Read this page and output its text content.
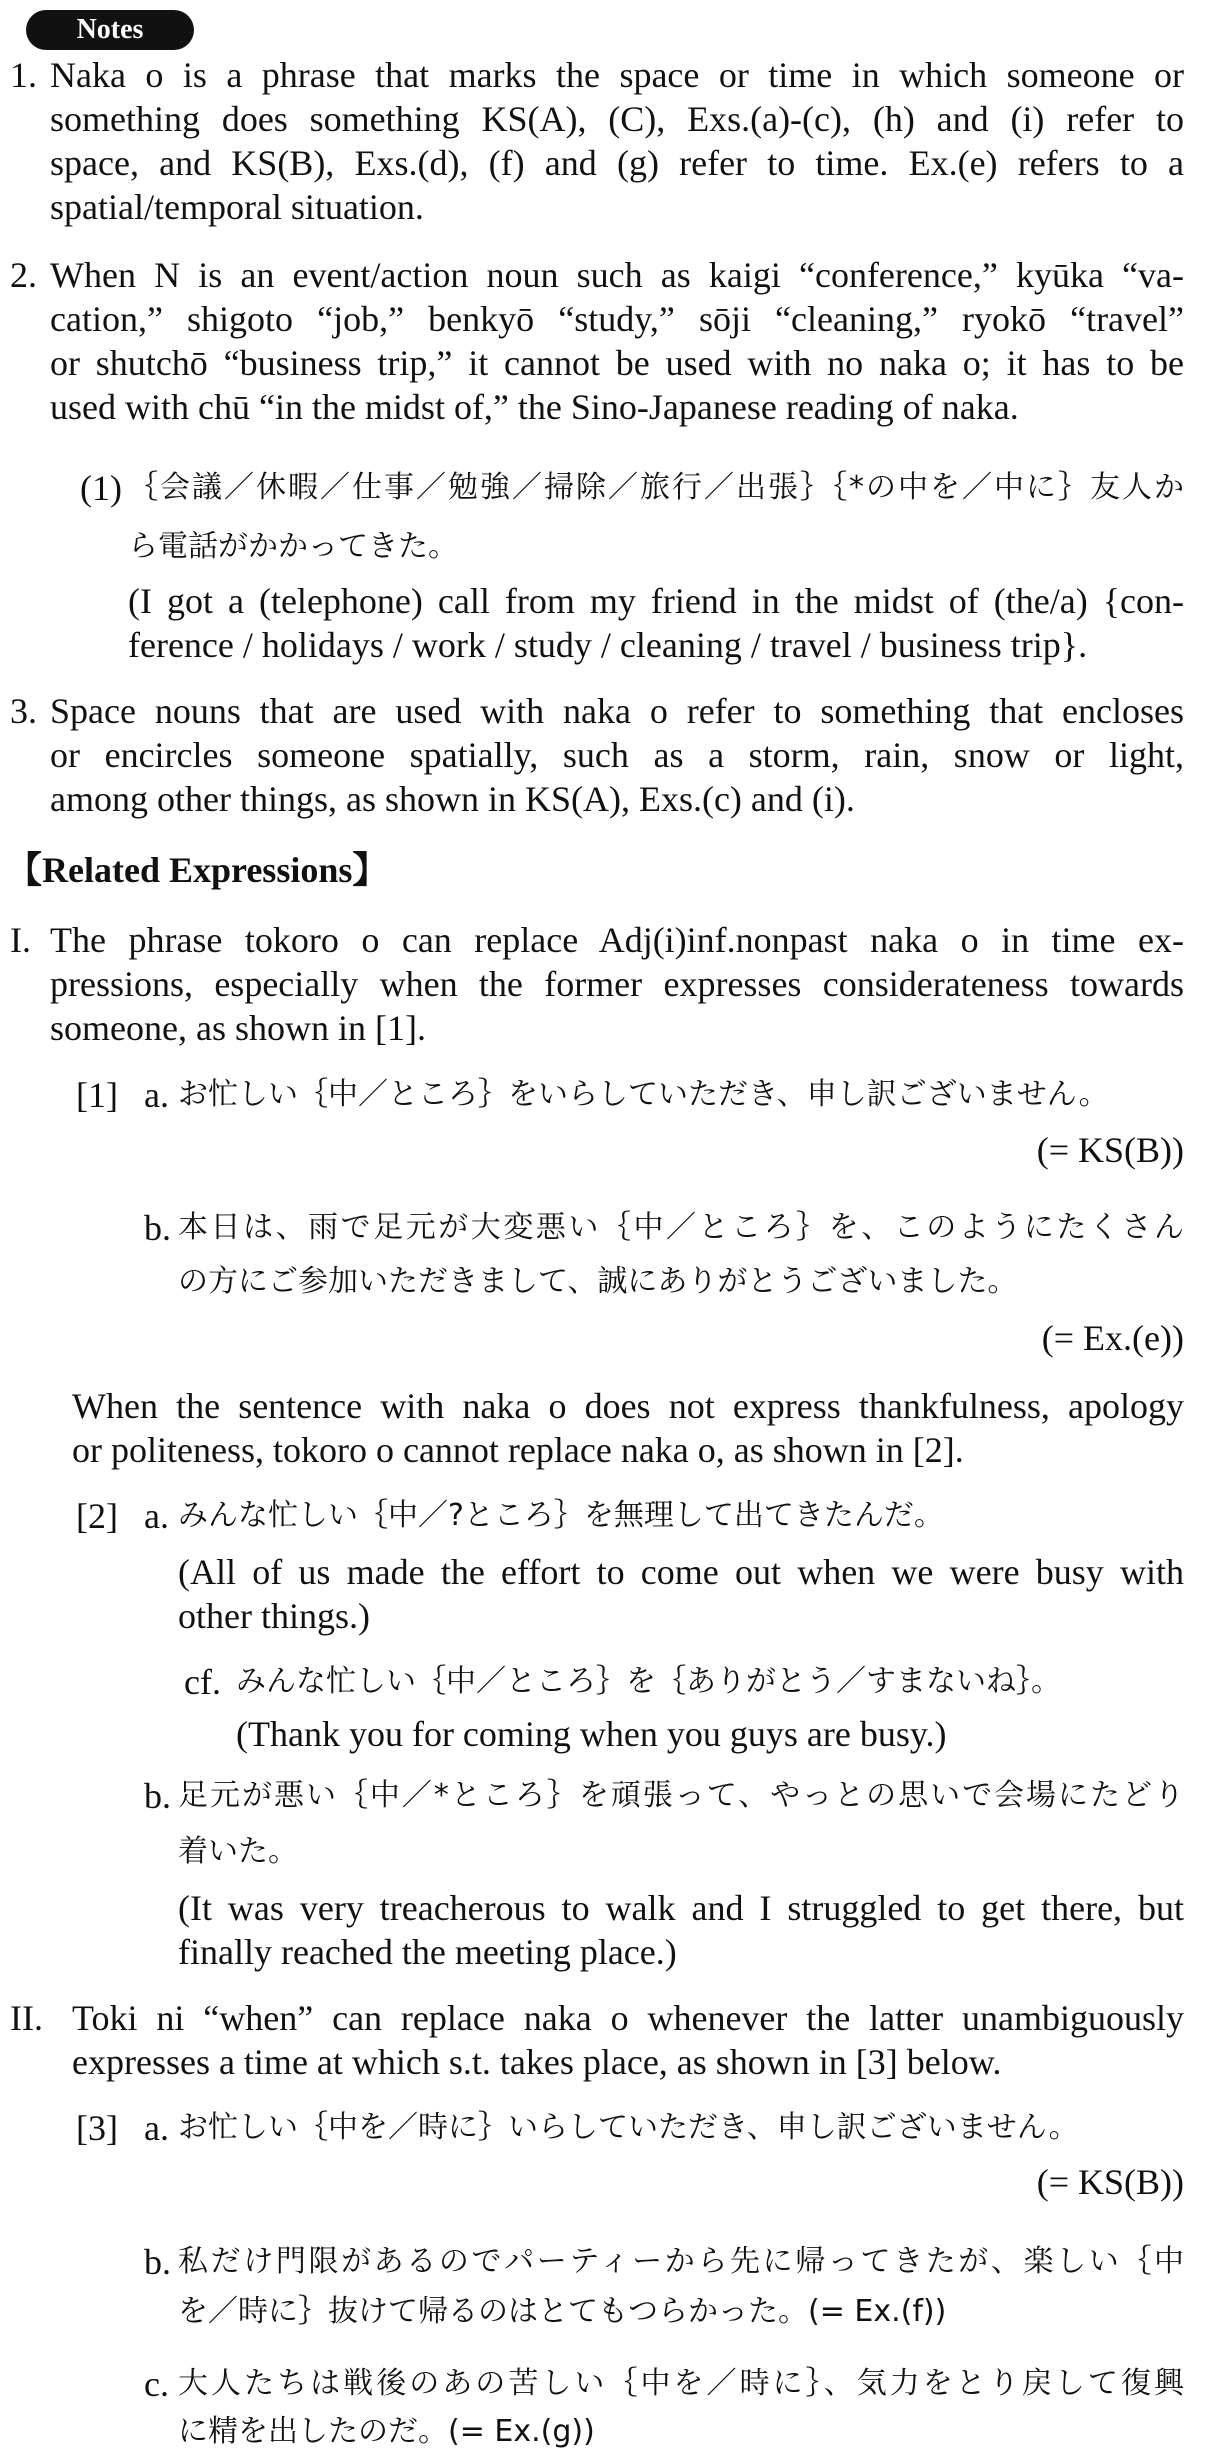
Notes
1. Naka o is a phrase that marks the space or time in which someone or
something does something KS(A), (C), Exs.(a)-(c), (h) and (i) refer to
space, and KS(B), Exs.(d), (f) and (g) refer to time. Ex.(e) refers to a
spatial/temporal situation.
2. When N is an event/action noun such as kaigi “conference,” kyūka “va-
cation,” shigoto “job,” benkyō “study,” sōji “cleaning,” ryokō “travel”
or shutchō “business trip,” it cannot be used with no naka o; it has to be
used with chū “in the midst of,” the Sino-Japanese reading of naka.
(1) ｛会議／休暇／仕事／勉強／掃除／旅行／出張｝｛*の中を／中に｝友人か
ら電話がかかってきた。
(I got a (telephone) call from my friend in the midst of (the/a) {con-
ference / holidays / work / study / cleaning / travel / business trip}.
3. Space nouns that are used with naka o refer to something that encloses
or encircles someone spatially, such as a storm, rain, snow or light,
among other things, as shown in KS(A), Exs.(c) and (i).
【Related Expressions】
I. The phrase tokoro o can replace Adj(i)inf.nonpast naka o in time ex-
pressions, especially when the former expresses considerateness towards
someone, as shown in [1].
[1] a. お忙しい｛中／ところ｝をいらしていただき、申し訳ございません。
(= KS(B))
b. 本日は、雨で足元が大変悪い｛中／ところ｝を、このようにたくさん
の方にご参加いただきまして、誠にありがとうございました。
(= Ex.(e))
When the sentence with naka o does not express thankfulness, apology
or politeness, tokoro o cannot replace naka o, as shown in [2].
[2] a. みんな忙しい｛中／?ところ｝を無理して出てきたんだ。
(All of us made the effort to come out when we were busy with
other things.)
cf. みんな忙しい｛中／ところ｝を｛ありがとう／すまないね｝。
(Thank you for coming when you guys are busy.)
b. 足元が悪い｛中／*ところ｝を頑張って、やっとの思いで会場にたどり
着いた。
(It was very treacherous to walk and I struggled to get there, but
finally reached the meeting place.)
II. Toki ni “when” can replace naka o whenever the latter unambiguously
expresses a time at which s.t. takes place, as shown in [3] below.
[3] a. お忙しい｛中を／時に｝いらしていただき、申し訳ございません。
(= KS(B))
b. 私だけ門限があるのでパーティーから先に帰ってきたが、楽しい｛中
を／時に｝抜けて帰るのはとてもつらかった。(= Ex.(f))
c. 大人たちは戦後のあの苦しい｛中を／時に｝、気力をとり戻して復興
に精を出したのだ。(= Ex.(g))
